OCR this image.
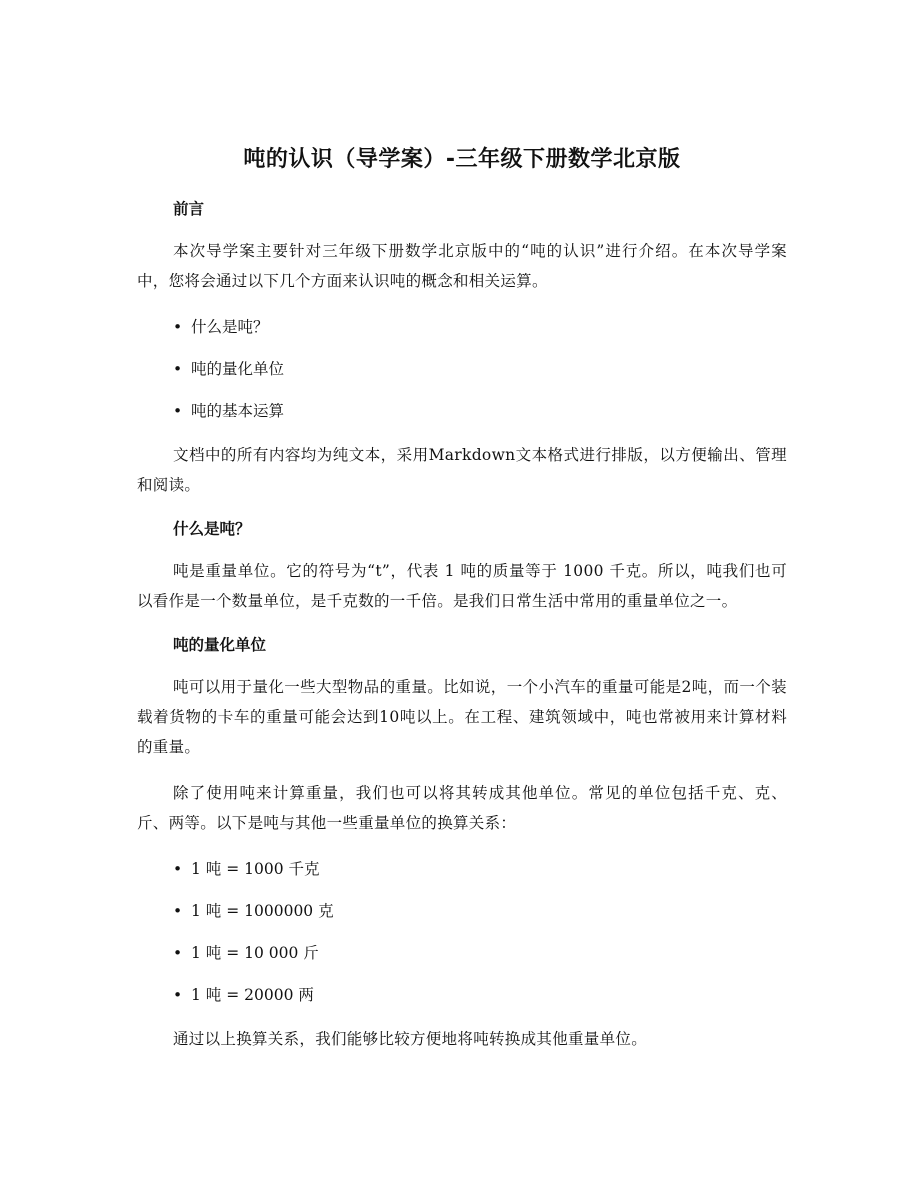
吨的认识（导学案）-三年级下册数学北京版
前言
本次导学案主要针对三年级下册数学北京版中的“吨的认识”进行介绍。在本次导学案中，您将会通过以下几个方面来认识吨的概念和相关运算。
• 什么是吨？
• 吨的量化单位
• 吨的基本运算
文档中的所有内容均为纯文本，采用Markdown文本格式进行排版，以方便输出、管理和阅读。
什么是吨？
吨是重量单位。它的符号为“t”，代表 1 吨的质量等于 1000 千克。所以，吨我们也可以看作是一个数量单位，是千克数的一千倍。是我们日常生活中常用的重量单位之一。
吨的量化单位
吨可以用于量化一些大型物品的重量。比如说，一个小汽车的重量可能是2吨，而一个装载着货物的卡车的重量可能会达到10吨以上。在工程、建筑领域中，吨也常被用来计算材料的重量。
除了使用吨来计算重量，我们也可以将其转成其他单位。常见的单位包括千克、克、斤、两等。以下是吨与其他一些重量单位的换算关系：
• 1 吨 = 1000 千克
• 1 吨 = 1000000 克
• 1 吨 = 10 000 斤
• 1 吨 = 20000 两
通过以上换算关系，我们能够比较方便地将吨转换成其他重量单位。
